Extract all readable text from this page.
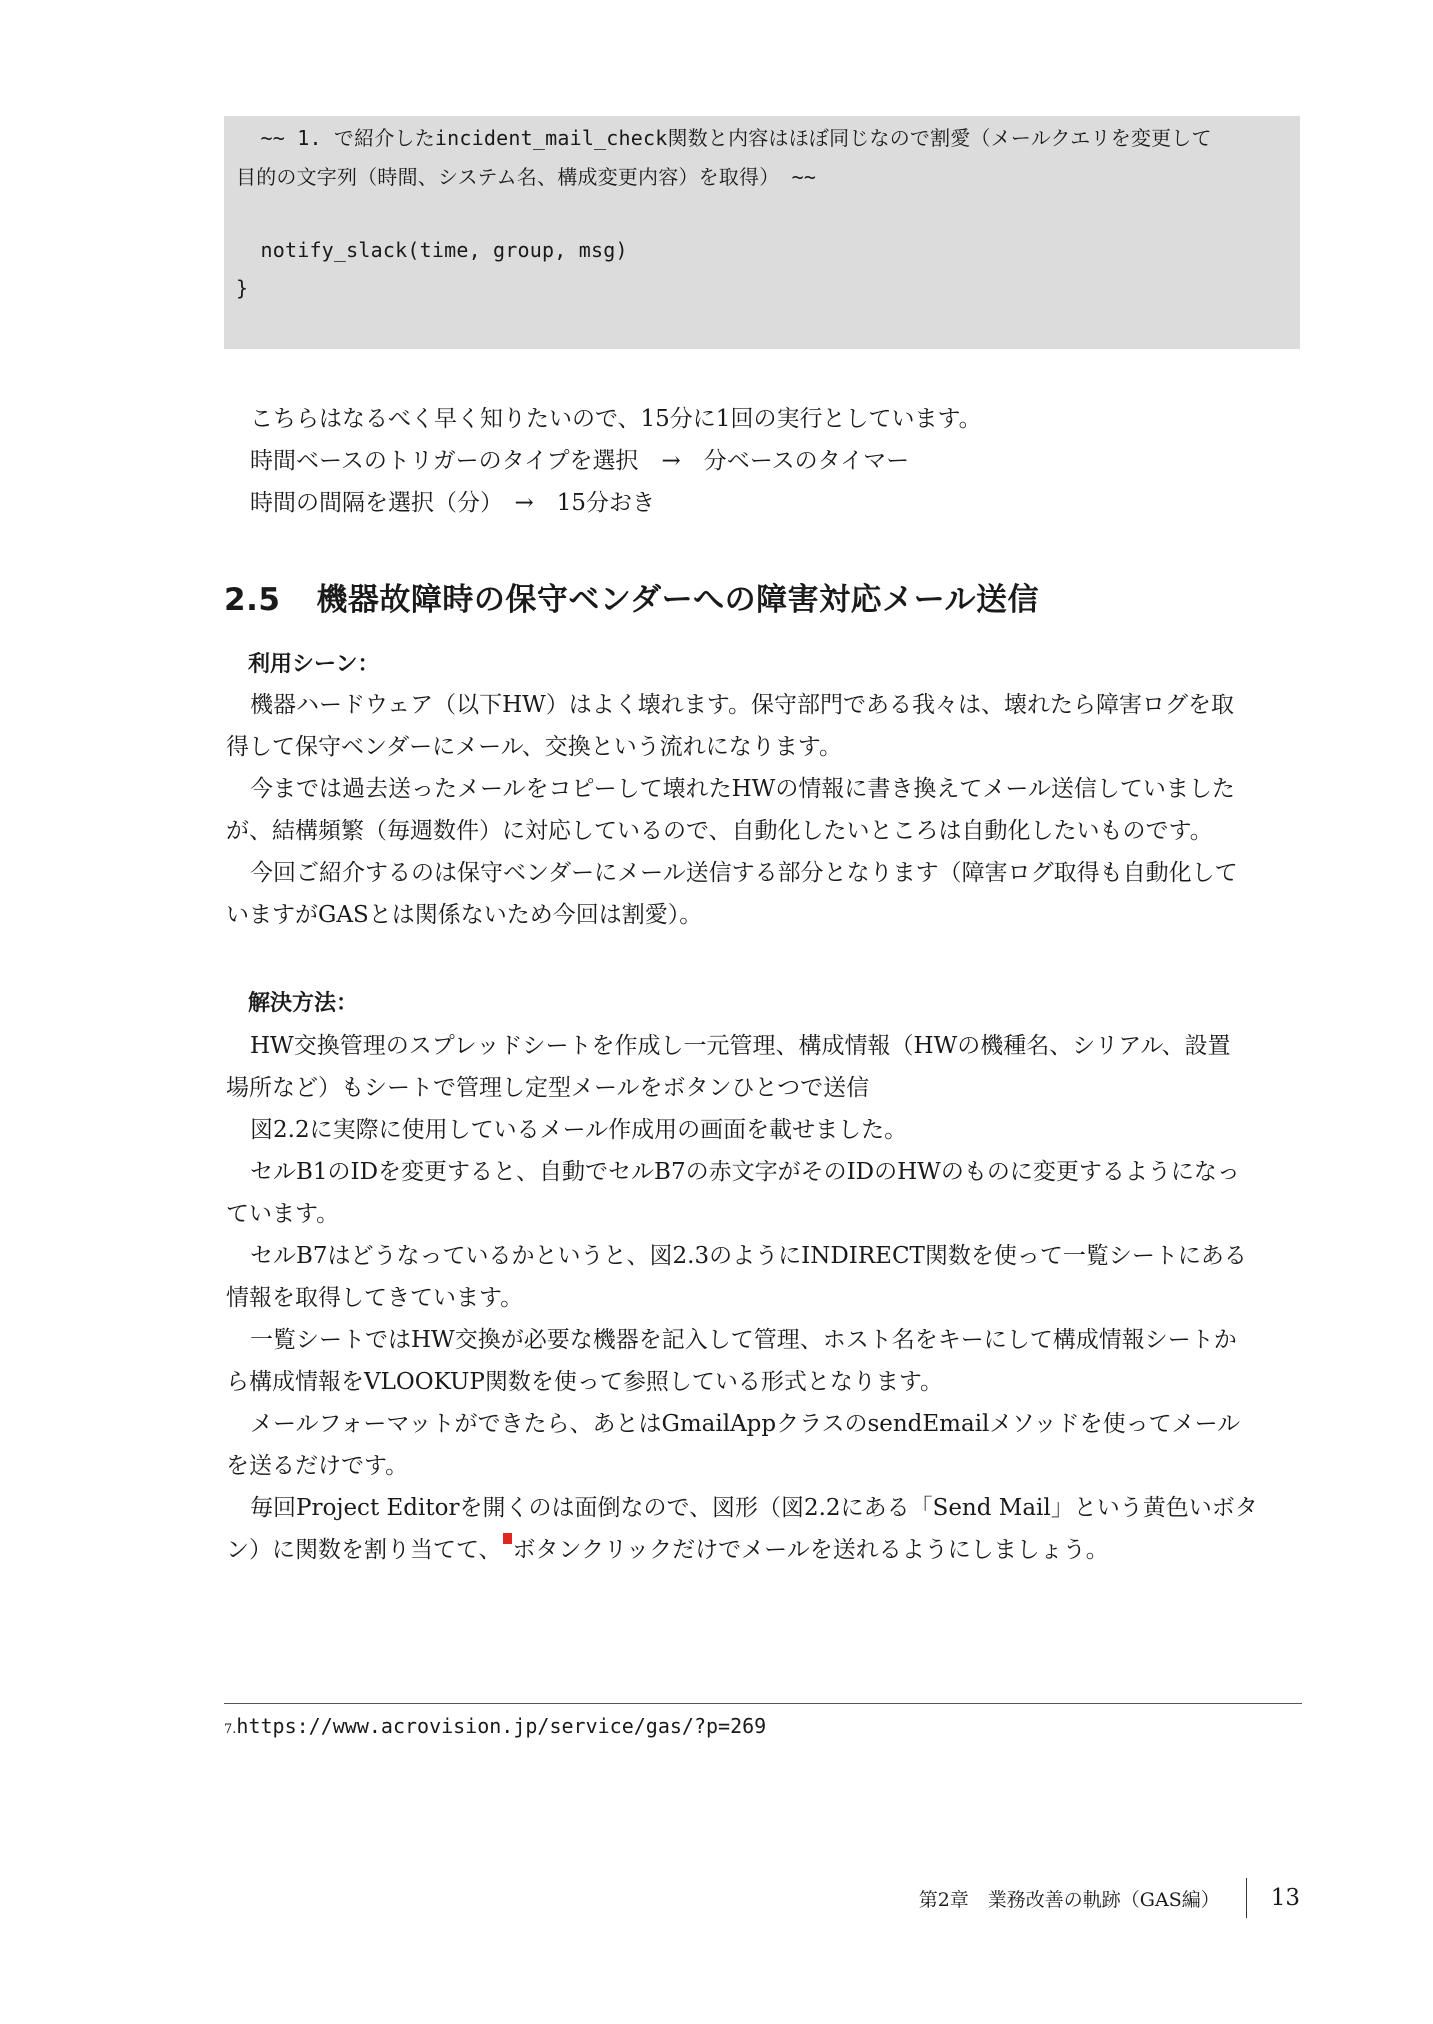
~~ 1. で紹介したincident_mail_check関数と内容はほぼ同じなので割愛（メールクエリを変更して
目的の文字列（時間、システム名、構成変更内容）を取得） ~~
notify_slack(time, group, msg)
}
こちらはなるべく早く知りたいので、15分に1回の実行としています。
時間ベースのトリガーのタイプを選択　→　分ベースのタイマー
時間の間隔を選択（分）　→　15分おき
2.5 機器故障時の保守ベンダーへの障害対応メール送信
利用シーン：
機器ハードウェア（以下HW）はよく壊れます。保守部門である我々は、壊れたら障害ログを取
得して保守ベンダーにメール、交換という流れになります。
今までは過去送ったメールをコピーして壊れたHWの情報に書き換えてメール送信していました
が、結構頻繁（毎週数件）に対応しているので、自動化したいところは自動化したいものです。
今回ご紹介するのは保守ベンダーにメール送信する部分となります（障害ログ取得も自動化して
いますがGASとは関係ないため今回は割愛）。
解決方法：
HW交換管理のスプレッドシートを作成し一元管理、構成情報（HWの機種名、シリアル、設置
場所など）もシートで管理し定型メールをボタンひとつで送信
図2.2に実際に使用しているメール作成用の画面を載せました。
セルB1のIDを変更すると、自動でセルB7の赤文字がそのIDのHWのものに変更するようになっ
ています。
セルB7はどうなっているかというと、図2.3のようにINDIRECT関数を使って一覧シートにある
情報を取得してきています。
一覧シートではHW交換が必要な機器を記入して管理、ホスト名をキーにして構成情報シートか
ら構成情報をVLOOKUP関数を使って参照している形式となります。
メールフォーマットができたら、あとはGmailAppクラスのsendEmailメソッドを使ってメール
を送るだけです。
毎回Project Editorを開くのは面倒なので、図形（図2.2にある「Send Mail」という黄色いボタ
ン）に関数を割り当てて、 ボタンクリックだけでメールを送れるようにしましょう。
7.https://www.acrovision.jp/service/gas/?p=269
第2章　業務改善の軌跡（GAS編） 13
